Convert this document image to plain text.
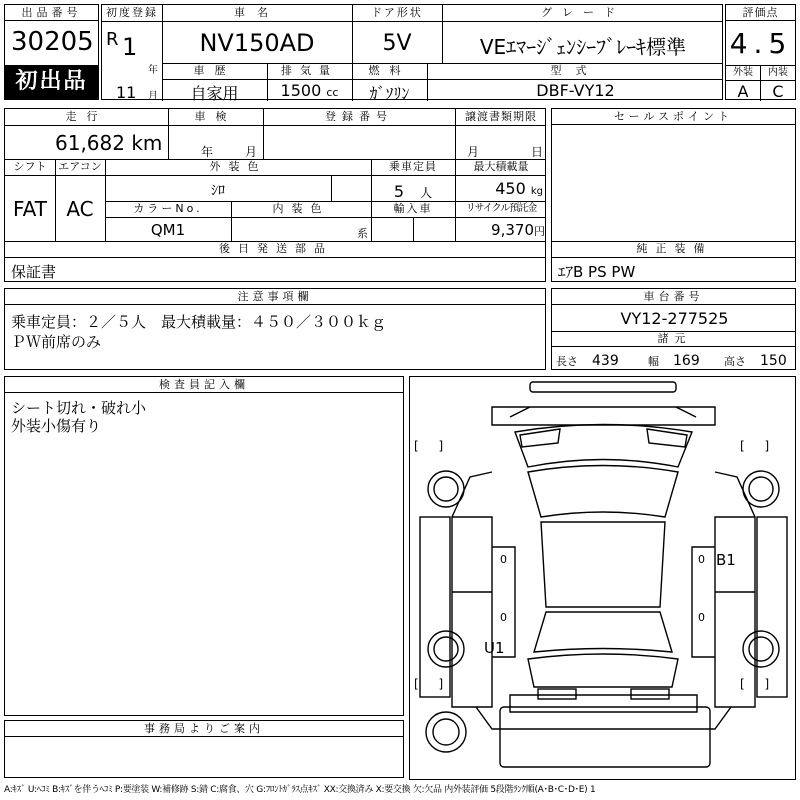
出品番号
30205
初出品
初度登録
R 1
年
11 月
車名
NV150AD
ドア形状
5V
グレード
VEｴﾏｰｼﾞｪﾝｼｰﾌﾞﾚｰｷ標準
車歴
自家用
排気量
1500 cc
燃料
ｶﾞｿﾘﾝ
型式
DBF-VY12
評価点
4.5
外装	内装
A	C
走行
61,682 km
車検
年	月
登録番号	譲渡書類期限
月	日
シフト
FAT
エアコン
AC
外装色
ｼﾛ
乗車定員
5　 人
最大積載量
450 kg
カラーNo.
QM1
内装色
系
輸入車	リサイクル預託金
9,370円
後日発送部品
保証書
セールスポイント
純正装備
ｴｱB PS PW
注意事項欄
乗車定員：２／５人　最大積載量：４５０／３００ｋｇ
ＰＷ前席のみ
車台番号
VY12-277525
諸元
長さ　 439	幅　 169 高さ　 150
検査員記入欄
シート切れ・破れ小
外装小傷有り
B1
U1
[ ]	[ ]
[ ]	[ ]
0	0
0	0
事務局よりご案内
A:ｷｽﾞ U:ﾍｺﾐ B:ｷｽﾞを伴うﾍｺﾐ P:要塗装 W:補修跡 S:錆 C:腐食、穴 G:ﾌﾛﾝﾄｶﾞﾗｽ点ｷｽﾞ XX:交換済み X:要交換 欠:欠品 内外装評価 5段階ﾗﾝｸ順(A･B･C･D･E) 1
